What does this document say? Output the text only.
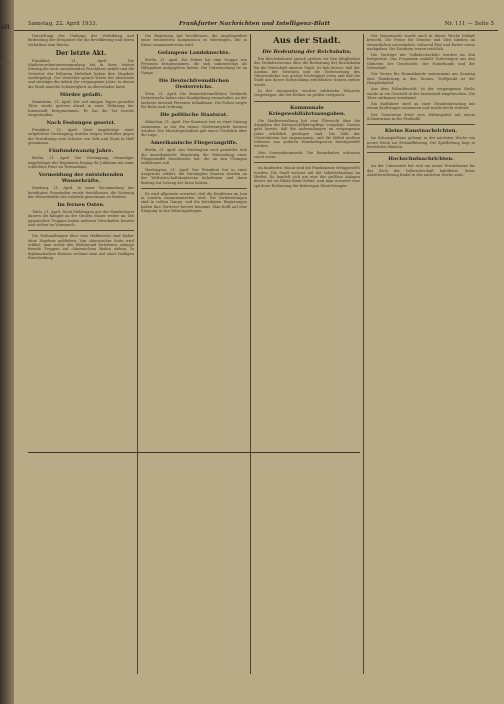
ält
1933.
Samstag, 22. April 1933.	Frankfurter Nachrichten und Intelligenz-Blatt	Nr. 111 — Seite 5

Darstellung des Umfangs der Verleihung und Bedeutung der Ereignisse für die Bevölkerung und deren Verhältnis zum Reiche.

Der letzte Akt.

Frankfurt, 21. April. Die Stadtverordnetenversammlung hat in ihrer letzten Sitzung die noch ausstehenden Beschlüsse gefaßt und die Vertreter der früheren Mehrheit haben ihre Mandate niedergelegt. Der Vorsteher sprach Worte des Abschieds und würdigte die Arbeit der vergangenen Jahre, in denen die Stadt manche Schwierigkeit zu überwinden hatte.

Mörder gefaßt.

Mannheim, 21. April. Der seit einigen Tagen gesuchte Täter wurde gestern abend in einer Wohnung der Innenstadt festgenommen. Er hat die Tat bereits eingestanden.

Nach Festungen gesetzt.

Frankfurt, 21. April. Zwei Angehörige einer aufgelösten Vereinigung wurden wegen Verstoßes gegen die Verordnung zum Schutze von Volk und Staat in Haft genommen.

Fünfundzwanzig Jahre.

Berlin, 21. April. Die Vereinigung ehemaliger Angehöriger des Regiments beging ihr Jubiläum mit einer schlichten Feier im Vereinshaus.

Vermeidung der entstehenden Wasserkräfte.

Marburg, 21. April. In einer Versammlung der beteiligten Gemeinden wurde beschlossen, die Nutzung der Wasserkräfte des Lahntals gemeinsam zu fördern.

Im fernen Osten.

Tokio, 21. April. Nach Meldungen aus der Mandschurei dauern die Kämpfe an der Großen Mauer weiter an. Die japanischen Truppen haben mehrere Ortschaften besetzt und stehen im Vormarsch.

Die Verhandlungen über eine Waffenruhe sind bisher ohne Ergebnis geblieben. Von chinesischer Seite wird erklärt, man werde den Widerstand fortsetzen, solange fremde Truppen auf chinesischem Boden stehen. In diplomatischen Kreisen rechnet man mit einer baldigen Entscheidung.

Die Regierung hat beschlossen, die Angelegenheit einer besonderen Kommission zu übertragen, die in Kürze zusammentreten wird.

Gefangene Landsknechte.

Berlin, 21. April. Die Polizei hat eine Gruppe von Personen festgenommen, die sich unberechtigt als Hilfspolizei ausgegeben hatten. Die Untersuchung ist im Gange.

Die Deutschfreundlichen Oesterreichs.

Wien, 21. April. Die deutschfreundlichen Verbände Oesterreichs haben eine Kundgebung veranstaltet, an der mehrere tausend Personen teilnahmen. Die Polizei sorgte für Ruhe und Ordnung.

Die politische Staatsrat.

München, 21. April. Der Staatsrat trat zu einer Sitzung zusammen, in der die neuen Gesetzentwürfe beraten wurden. Der Ministerpräsident gab einen Überblick über die Lage.

Amerikanische Fliegerangriffe.

Berlin, 21. April. Aus Washington wird gemeldet, daß die amerikanische Regierung die Entsendung einer Fliegerstaffel beschlossen hat, die an den Übungen teilnehmen soll.

Washington, 21. April. Der Präsident hat in einer Ansprache erklärt, die Vereinigten Staaten würden an der Weltwirtschaftskonferenz teilnehmen und ihren Beitrag zur Lösung der Krise leisten.

Es wird allgemein erwartet, daß die Konferenz im Juni in London zusammentreten wird. Die Vorbereitungen sind in vollem Gange, und die beteiligten Regierungen haben ihre Vertreter bereits benannt. Man hofft auf eine Einigung in den Währungsfragen.

Aus der Stadt.
Die Bedeutung der Reichsbahn.

Ein Reichsbahnrat sprach gestern vor den Mitgliedern des Verkehrsvereins über die Bedeutung der Reichsbahn für die Wirtschaft unserer Stadt. Er hob hervor, daß der Ausbau der Strecken und die Verbesserung des Güterverkehrs von großer Wichtigkeit seien und daß die Stadt aus dieser Entwicklung erheblichen Nutzen ziehen werde.

In der Aussprache wurden zahlreiche Wünsche vorgetragen, die der Redner zu prüfen versprach.

Kommunale Kriegswohlfahrtsausgaben.

Die Stadtverwaltung hat eine Übersicht über die Ausgaben der Kriegswohlfahrtspflege vorgelegt. Daraus geht hervor, daß die Aufwendungen im vergangenen Jahre erheblich gestiegen sind. Die Zahl der Unterstützten hat zugenommen, und die Mittel mußten teilweise aus anderen Haushaltsposten bereitgestellt werden.

Neu Sonnenbaumwerk. Die Bauarbeiten schreiten rasch voran.

Im laufenden Monat sind die Fundamente fertiggestellt worden. Die Stadt rechnet mit der Inbetriebnahme im Herbst. Es handelt sich um eine der größten Anlagen dieser Art im Rhein-Main-Gebiet, und man erwartet eine spürbare Entlastung der bisherigen Einrichtungen.

Der Hauptmarkt wurde auch in dieser Woche lebhaft besucht. Die Preise für Gemüse und Obst blieben im wesentlichen unverändert, während Eier und Butter etwas nachgaben. Die Zufuhren waren reichlich.

Die Vorträge der Volkshochschule werden im Mai fortgesetzt. Das Programm umfaßt Vorlesungen aus den Gebieten der Geschichte, der Naturkunde und der Wirtschaft.

Der Verein für Heimatkunde unternimmt am Sonntag eine Wanderung in den Taunus. Treffpunkt ist der Hauptbahnhof.

Aus dem Polizeibericht. In der vergangenen Nacht wurde in ein Geschäft in der Innenstadt eingebrochen. Die Täter entkamen unerkannt.

Ein Radfahrer stieß an einer Straßenkreuzung mit einem Kraftwagen zusammen und wurde leicht verletzt.

Der Turnverein feiert sein Stiftungsfest mit einem Schauturnen in der Festhalle.

Kleine Kunstnachrichten.

Im Schauspielhaus gelangt in der nächsten Woche ein neues Stück zur Erstaufführung. Die Spielleitung liegt in bewährten Händen.

Hochschulnachrichten.

An der Universität hat sich ein neuer Privatdozent für das Fach der Volkswirtschaft habilitiert. Seine Antrittsvorlesung findet in der nächsten Woche statt.
